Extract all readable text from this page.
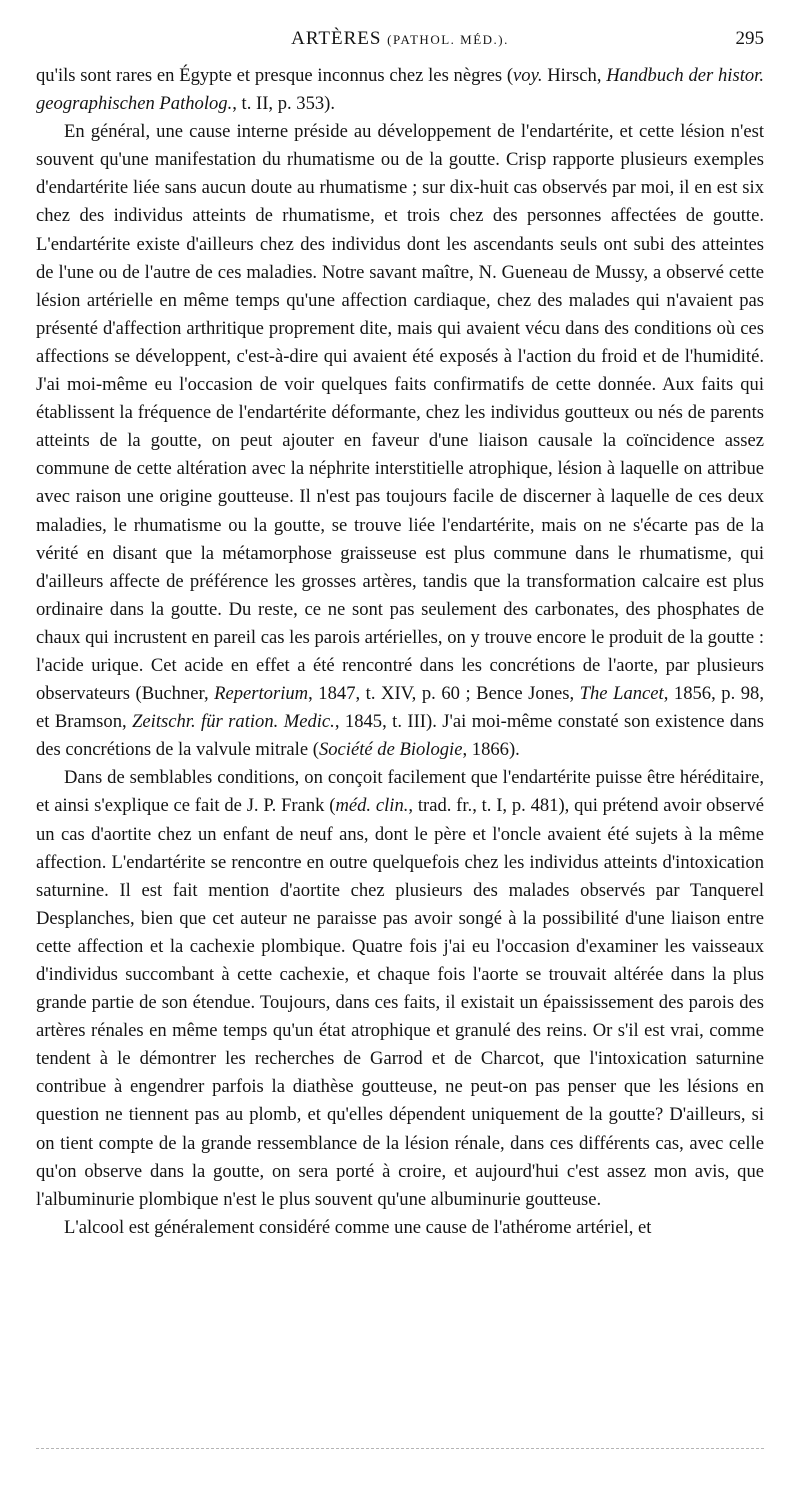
ARTÈRES (PATHOL. MÉD.).	295

qu'ils sont rares en Égypte et presque inconnus chez les nègres (voy. Hirsch, Handbuch der histor. geographischen Patholog., t. II, p. 353).

En général, une cause interne préside au développement de l'endartérite, et cette lésion n'est souvent qu'une manifestation du rhumatisme ou de la goutte. Crisp rapporte plusieurs exemples d'endartérite liée sans aucun doute au rhumatisme ; sur dix-huit cas observés par moi, il en est six chez des individus atteints de rhumatisme, et trois chez des personnes affectées de goutte. L'endartérite existe d'ailleurs chez des individus dont les ascendants seuls ont subi des atteintes de l'une ou de l'autre de ces maladies. Notre savant maître, N. Gueneau de Mussy, a observé cette lésion artérielle en même temps qu'une affection cardiaque, chez des malades qui n'avaient pas présenté d'affection arthritique proprement dite, mais qui avaient vécu dans des conditions où ces affections se développent, c'est-à-dire qui avaient été exposés à l'action du froid et de l'humidité. J'ai moi-même eu l'occasion de voir quelques faits confirmatifs de cette donnée. Aux faits qui établissent la fréquence de l'endartérite déformante, chez les individus goutteux ou nés de parents atteints de la goutte, on peut ajouter en faveur d'une liaison causale la coïncidence assez commune de cette altération avec la néphrite interstitielle atrophique, lésion à laquelle on attribue avec raison une origine goutteuse. Il n'est pas toujours facile de discerner à laquelle de ces deux maladies, le rhumatisme ou la goutte, se trouve liée l'endartérite, mais on ne s'écarte pas de la vérité en disant que la métamorphose graisseuse est plus commune dans le rhumatisme, qui d'ailleurs affecte de préférence les grosses artères, tandis que la transformation calcaire est plus ordinaire dans la goutte. Du reste, ce ne sont pas seulement des carbonates, des phosphates de chaux qui incrustent en pareil cas les parois artérielles, on y trouve encore le produit de la goutte : l'acide urique. Cet acide en effet a été rencontré dans les concrétions de l'aorte, par plusieurs observateurs (Buchner, Repertorium, 1847, t. XIV, p. 60 ; Bence Jones, The Lancet, 1856, p. 98, et Bramson, Zeitschr. für ration. Medic., 1845, t. III). J'ai moi-même constaté son existence dans des concrétions de la valvule mitrale (Société de Biologie, 1866).

Dans de semblables conditions, on conçoit facilement que l'endartérite puisse être héréditaire, et ainsi s'explique ce fait de J. P. Frank (méd. clin., trad. fr., t. I, p. 481), qui prétend avoir observé un cas d'aortite chez un enfant de neuf ans, dont le père et l'oncle avaient été sujets à la même affection. L'endartérite se rencontre en outre quelquefois chez les individus atteints d'intoxication saturnine. Il est fait mention d'aortite chez plusieurs des malades observés par Tanquerel Desplanches, bien que cet auteur ne paraisse pas avoir songé à la possibilité d'une liaison entre cette affection et la cachexie plombique. Quatre fois j'ai eu l'occasion d'examiner les vaisseaux d'individus succombant à cette cachexie, et chaque fois l'aorte se trouvait altérée dans la plus grande partie de son étendue. Toujours, dans ces faits, il existait un épaississement des parois des artères rénales en même temps qu'un état atrophique et granulé des reins. Or s'il est vrai, comme tendent à le démontrer les recherches de Garrod et de Charcot, que l'intoxication saturnine contribue à engendrer parfois la diathèse goutteuse, ne peut-on pas penser que les lésions en question ne tiennent pas au plomb, et qu'elles dépendent uniquement de la goutte? D'ailleurs, si on tient compte de la grande ressemblance de la lésion rénale, dans ces différents cas, avec celle qu'on observe dans la goutte, on sera porté à croire, et aujourd'hui c'est assez mon avis, que l'albuminurie plombique n'est le plus souvent qu'une albuminurie goutteuse.

L'alcool est généralement considéré comme une cause de l'athérome artériel, et
